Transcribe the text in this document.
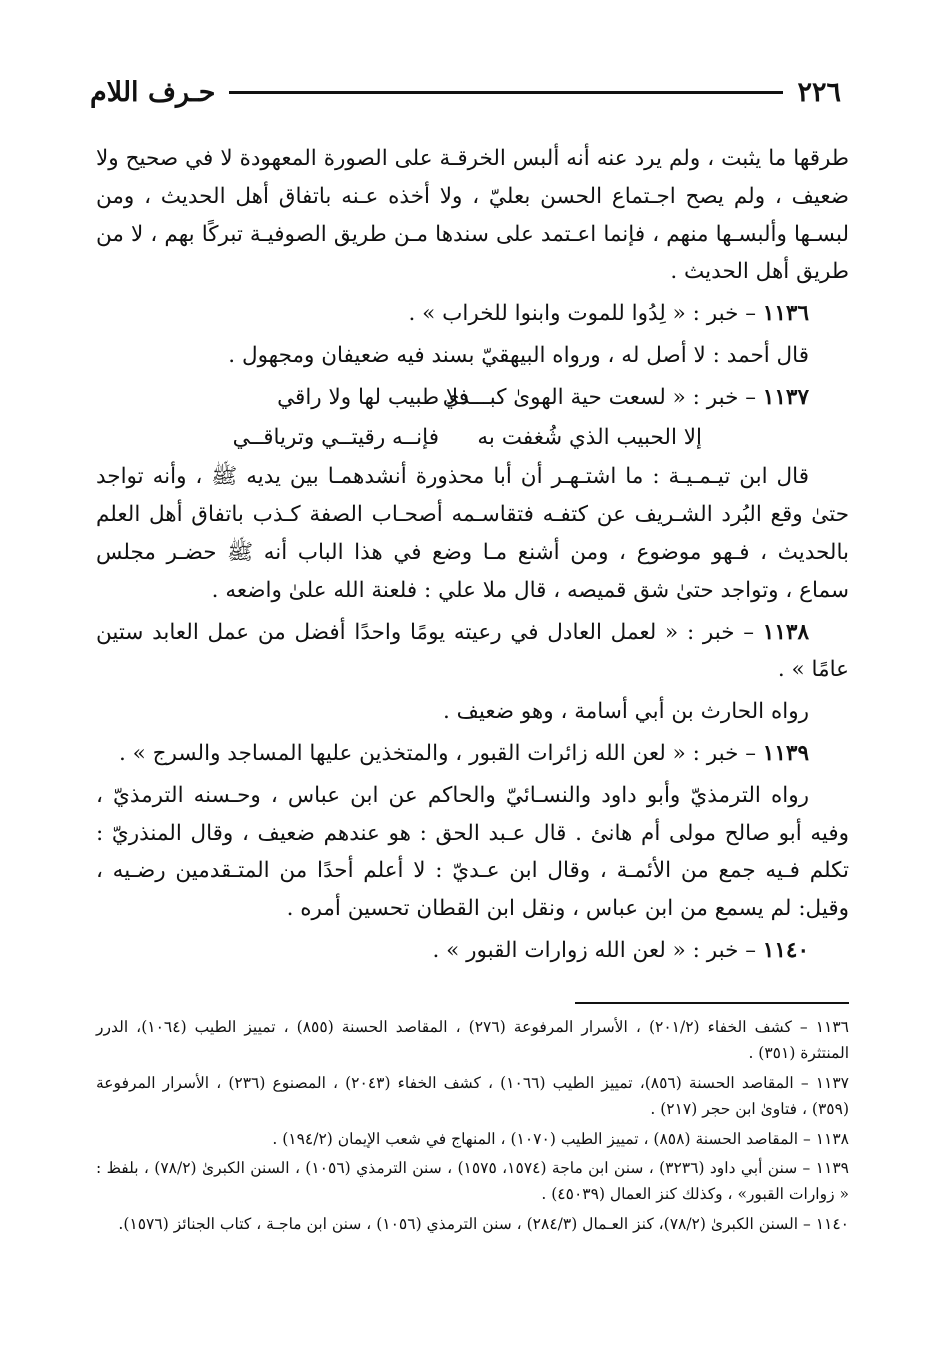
٢٢٦
حـرف اللام

طرقها ما يثبت ، ولم يرد عنه أنه ألبس الخرقـة على الصورة المعهودة لا في صحيح ولا ضعيف ، ولم يصح اجـتماع الحسن بعليّ ، ولا أخذه عـنه باتفاق أهل الحديث ، ومن لبسـها وألبسـها منهم ، فإنما اعـتمد على سندها مـن طريق الصوفيـة تبركًا بهم ، لا من طريق أهل الحديث .

١١٣٦ – خبر : « لِدُوا للموت وابنوا للخراب » .

قال أحمد : لا أصل له ، ورواه البيهقيّ بسند فيه ضعيفان ومجهول .

١١٣٧ – خبر : « لسعت حية الهوىٰ كبـــدي
فلا طبيب لها ولا راقي
إلا الحبيب الذي شُغفت به
فإنــه رقيتــي وترياقــي

قال ابن تيـمـيـة : ما اشتـهـر أن أبا محذورة أنشدهمـا بين يديه ﷺ ، وأنه تواجد حتىٰ وقع البُرد الشـريف عن كتفـه فتقاسـمه أصحـاب الصفة كـذب باتفاق أهل العلم بالحديث ، فـهو موضوع ، ومن أشنع مـا وضع في هذا الباب أنه ﷺ حضـر مجلس سماع ، وتواجد حتىٰ شق قميصه ، قال ملا علي : فلعنة الله علىٰ واضعه .

١١٣٨ – خبر : « لعمل العادل في رعيته يومًا واحدًا أفضل من عمل العابد ستين عامًا » .

رواه الحارث بن أبي أسامة ، وهو ضعيف .

١١٣٩ – خبر : « لعن الله زائرات القبور ، والمتخذين عليها المساجد والسرج » .

رواه الترمذيّ وأبو داود والنسـائيّ والحاكم عن ابن عباس ، وحـسنه الترمذيّ ، وفيه أبو صالح مولى أم هانئ . قال عـبد الحق : هو عندهم ضعيف ، وقال المنذريّ : تكلم فـيه جمع من الأئمـة ، وقال ابن عـديّ : لا أعلم أحدًا من المتـقدمين رضـيه ، وقيل: لم يسمع من ابن عباس ، ونقل ابن القطان تحسين أمره .

١١٤٠ – خبر : « لعن الله زوارات القبور » .

١١٣٦ – كشف الخفاء (٢٠١/٢) ، الأسرار المرفوعة (٢٧٦) ، المقاصد الحسنة (٨٥٥) ، تمييز الطيب (١٠٦٤)، الدرر المنتثرة (٣٥١) .

١١٣٧ – المقاصد الحسنة (٨٥٦)، تمييز الطيب (١٠٦٦) ، كشف الخفاء (٢٠٤٣) ، المصنوع (٢٣٦) ، الأسرار المرفوعة (٣٥٩) ، فتاوىٰ ابن حجر (٢١٧) .

١١٣٨ – المقاصد الحسنة (٨٥٨) ، تمييز الطيب (١٠٧٠) ، المنهاج في شعب الإيمان (١٩٤/٢) .

١١٣٩ – سنن أبي داود (٣٢٣٦) ، سنن ابن ماجة (١٥٧٤، ١٥٧٥) ، سنن الترمذي (١٠٥٦) ، السنن الكبرىٰ (٧٨/٢) ، بلفظ : « زوارات القبور» ، وكذلك كنز العمال (٤٥٠٣٩) .

١١٤٠ – السنن الكبرىٰ (٧٨/٢)، كنز العـمال (٢٨٤/٣) ، سنن الترمذي (١٠٥٦) ، سنن ابن ماجـة ، كتاب الجنائز (١٥٧٦).
